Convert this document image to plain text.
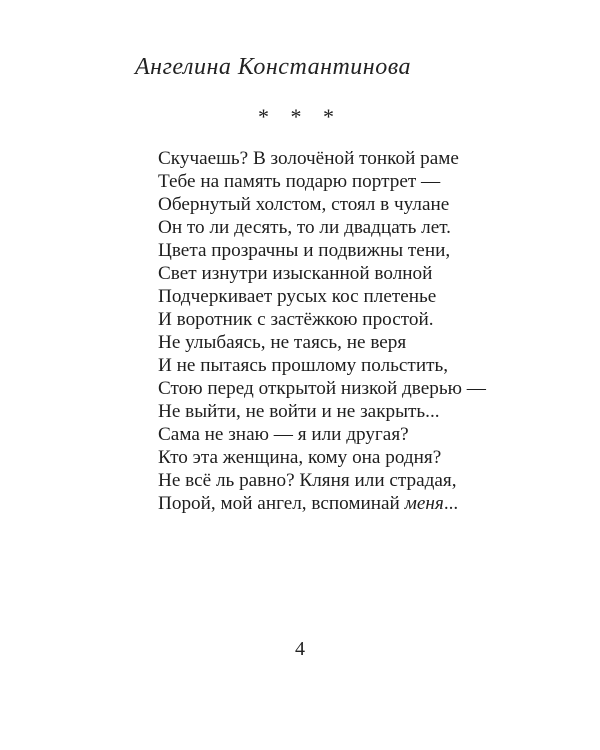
Ангелина Константинова
* * *
Скучаешь? В золочёной тонкой раме
Тебе на память подарю портрет —
Обернутый холстом, стоял в чулане
Он то ли десять, то ли двадцать лет.
Цвета прозрачны и подвижны тени,
Свет изнутри изысканной волной
Подчеркивает русых кос плетенье
И воротник с застёжкою простой.
Не улыбаясь, не таясь, не веря
И не пытаясь прошлому польстить,
Стою перед открытой низкой дверью —
Не выйти, не войти и не закрыть...
Сама не знаю — я или другая?
Кто эта женщина, кому она родня?
Не всё ль равно? Кляня или страдая,
Порой, мой ангел, вспоминай меня...
4
